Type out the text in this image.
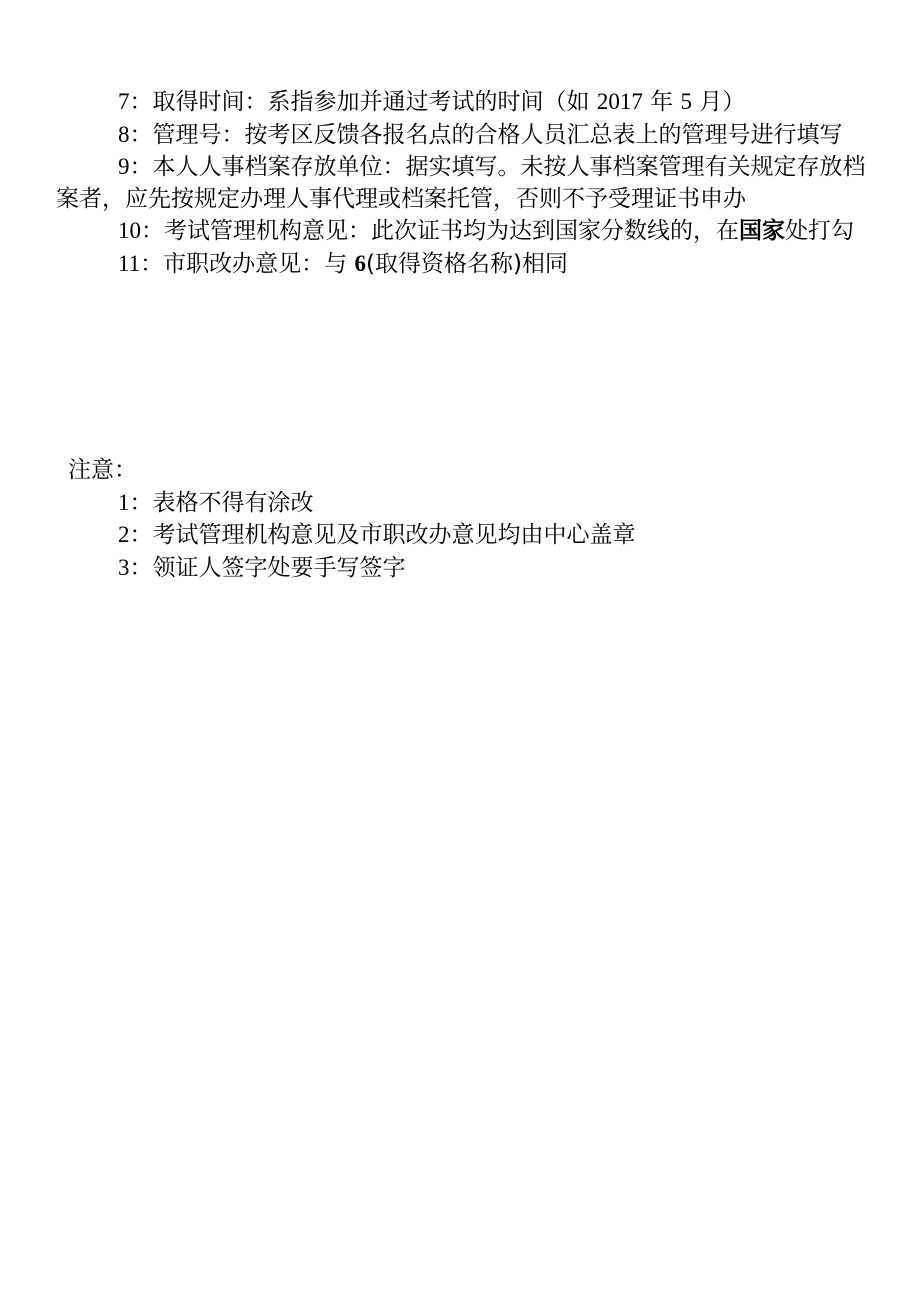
7：取得时间：系指参加并通过考试的时间（如 2017 年 5 月）

8：管理号：按考区反馈各报名点的合格人员汇总表上的管理号进行填写

9：本人人事档案存放单位：据实填写。未按人事档案管理有关规定存放档案者，应先按规定办理人事代理或档案托管，否则不予受理证书申办

10：考试管理机构意见：此次证书均为达到国家分数线的，在国家处打勾

11：市职改办意见：与 6(取得资格名称)相同

注意：

1：表格不得有涂改

2：考试管理机构意见及市职改办意见均由中心盖章

3：领证人签字处要手写签字
